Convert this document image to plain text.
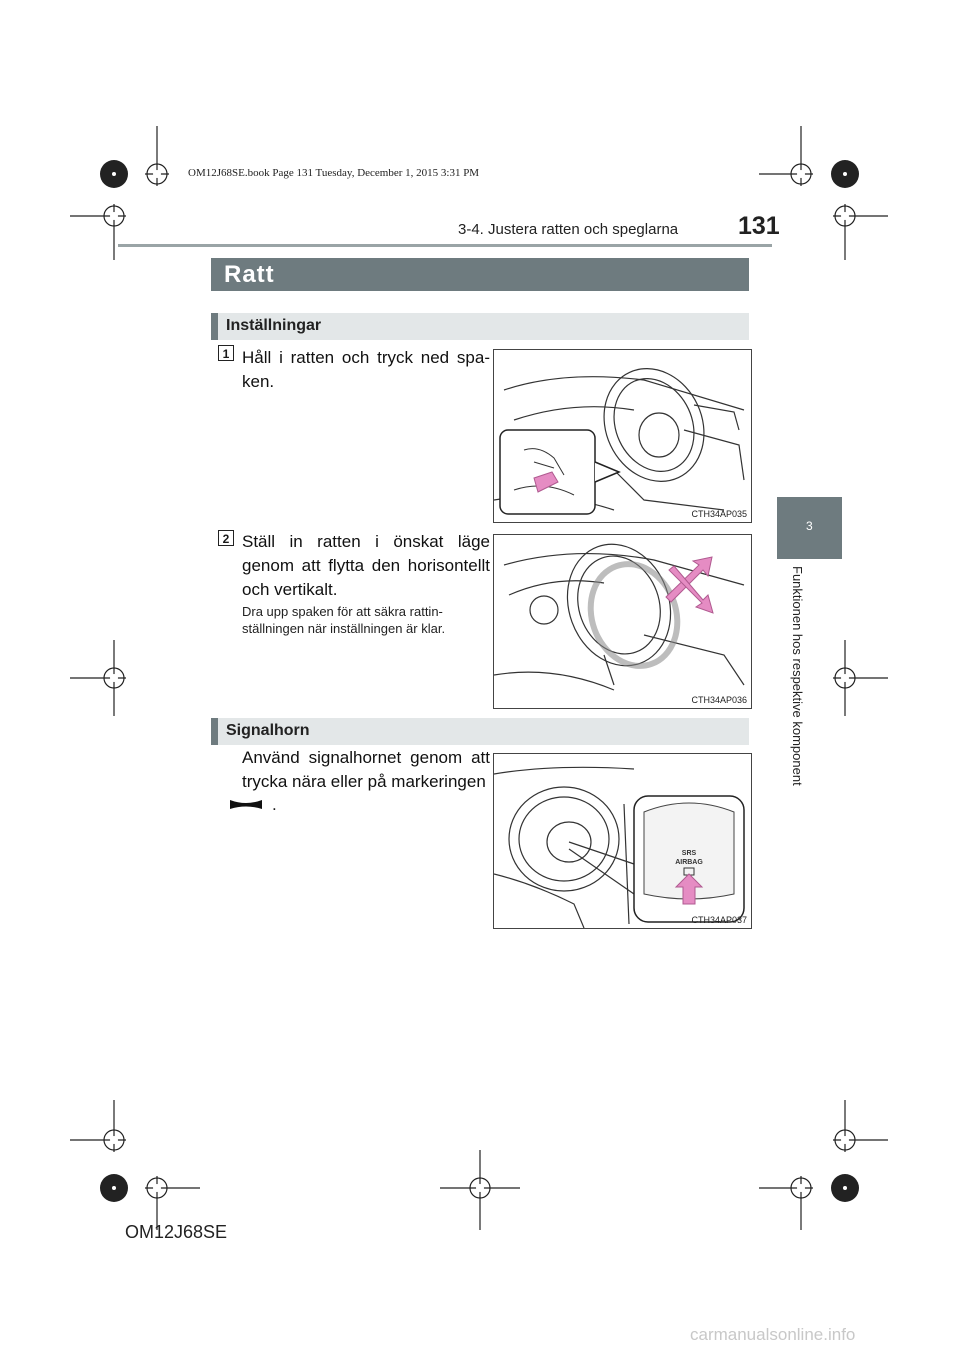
OM12J68SE.book Page 131 Tuesday, December 1, 2015 3:31 PM
3-4. Justera ratten och speglarna 131
3
Funktionen hos respektive komponent
Ratt
Inställningar
1 Håll i ratten och tryck ned spa-ken.
CTH34AP035
2 Ställ in ratten i önskat läge genom att flytta den horisontellt och vertikalt.
Dra upp spaken för att säkra rattin-ställningen när inställningen är klar.
CTH34AP036
Signalhorn
Använd signalhornet genom att trycka nära eller på markeringen
.
SRS
AIRBAG
CTH34AP037
OM12J68SE
carmanualsonline.info
